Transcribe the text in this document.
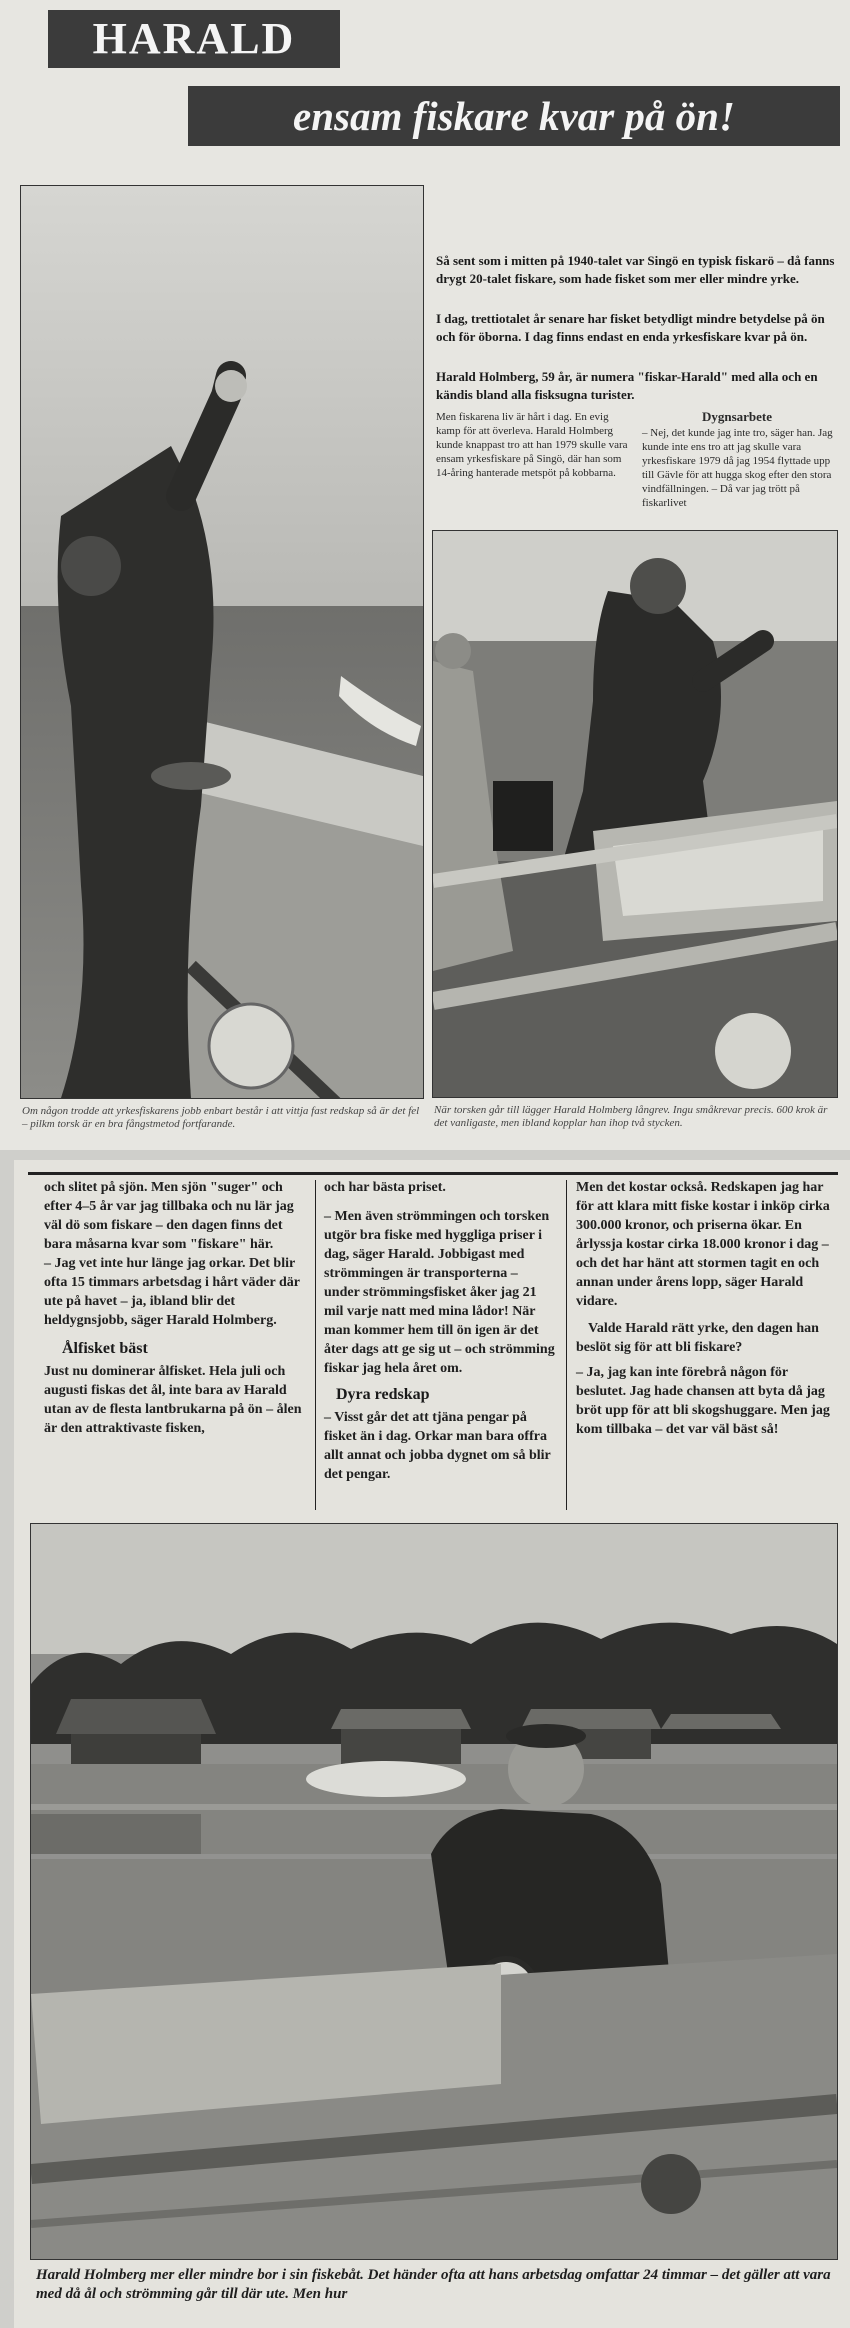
HARALD
ensam fiskare kvar på ön!
Om någon trodde att yrkesfiskarens jobb enbart består i att vittja fast redskap så är det fel – pilkm torsk är en bra fångstmetod fortfarande.
Så sent som i mitten på 1940-talet var Singö en typisk fiskarö – då fanns drygt 20-talet fiskare, som hade fisket som mer eller mindre yrke.
I dag, trettiotalet år senare har fisket betydligt mindre betydelse på ön och för öborna. I dag finns endast en enda yrkesfiskare kvar på ön.
Harald Holmberg, 59 år, är numera "fiskar-Harald" med alla och en kändis bland alla fisksugna turister.
Men fiskarena liv är hårt i dag. En evig kamp för att överleva. Harald Holmberg kunde knappast tro att han 1979 skulle vara ensam yrkesfiskare på Singö, där han som 14-åring hanterade metspöt på kobbarna.
Dygnsarbete
– Nej, det kunde jag inte tro, säger han. Jag kunde inte ens tro att jag skulle vara yrkesfiskare 1979 då jag 1954 flyttade upp till Gävle för att hugga skog efter den stora vindfällningen. – Då var jag trött på fiskarlivet
När torsken går till lägger Harald Holmberg långrev. Ingu småkrevar precis. 600 krok är det vanligaste, men ibland kopplar han ihop två stycken.

och slitet på sjön. Men sjön "suger" och efter 4–5 år var jag tillbaka och nu lär jag väl dö som fiskare – den dagen finns det bara måsarna kvar som "fiskare" här.

– Jag vet inte hur länge jag orkar. Det blir ofta 15 timmars arbetsdag i hårt väder där ute på havet – ja, ibland blir det heldygnsjobb, säger Harald Holmberg.

Ålfisket bäst

Just nu dominerar ålfisket. Hela juli och augusti fiskas det ål, inte bara av Harald utan av de flesta lantbrukarna på ön – ålen är den attraktivaste fisken,

och har bästa priset.

– Men även strömmingen och torsken utgör bra fiske med hyggliga priser i dag, säger Harald. Jobbigast med strömmingen är transporterna – under strömmingsfisket åker jag 21 mil varje natt med mina lådor! När man kommer hem till ön igen är det åter dags att ge sig ut – och strömming fiskar jag hela året om.

Dyra redskap

– Visst går det att tjäna pengar på fisket än i dag. Orkar man bara offra allt annat och jobba dygnet om så blir det pengar.

Men det kostar också. Redskapen jag har för att klara mitt fiske kostar i inköp cirka 300.000 kronor, och priserna ökar. En årlyssja kostar cirka 18.000 kronor i dag – och det har hänt att stormen tagit en och annan under årens lopp, säger Harald vidare.

Valde Harald rätt yrke, den dagen han beslöt sig för att bli fiskare?

– Ja, jag kan inte förebrå någon för beslutet. Jag hade chansen att byta då jag bröt upp för att bli skogshuggare. Men jag kom tillbaka – det var väl bäst så!

Harald Holmberg mer eller mindre bor i sin fiskebåt. Det händer ofta att hans arbetsdag omfattar 24 timmar – det gäller att vara med då ål och strömming går till där ute. Men hur
